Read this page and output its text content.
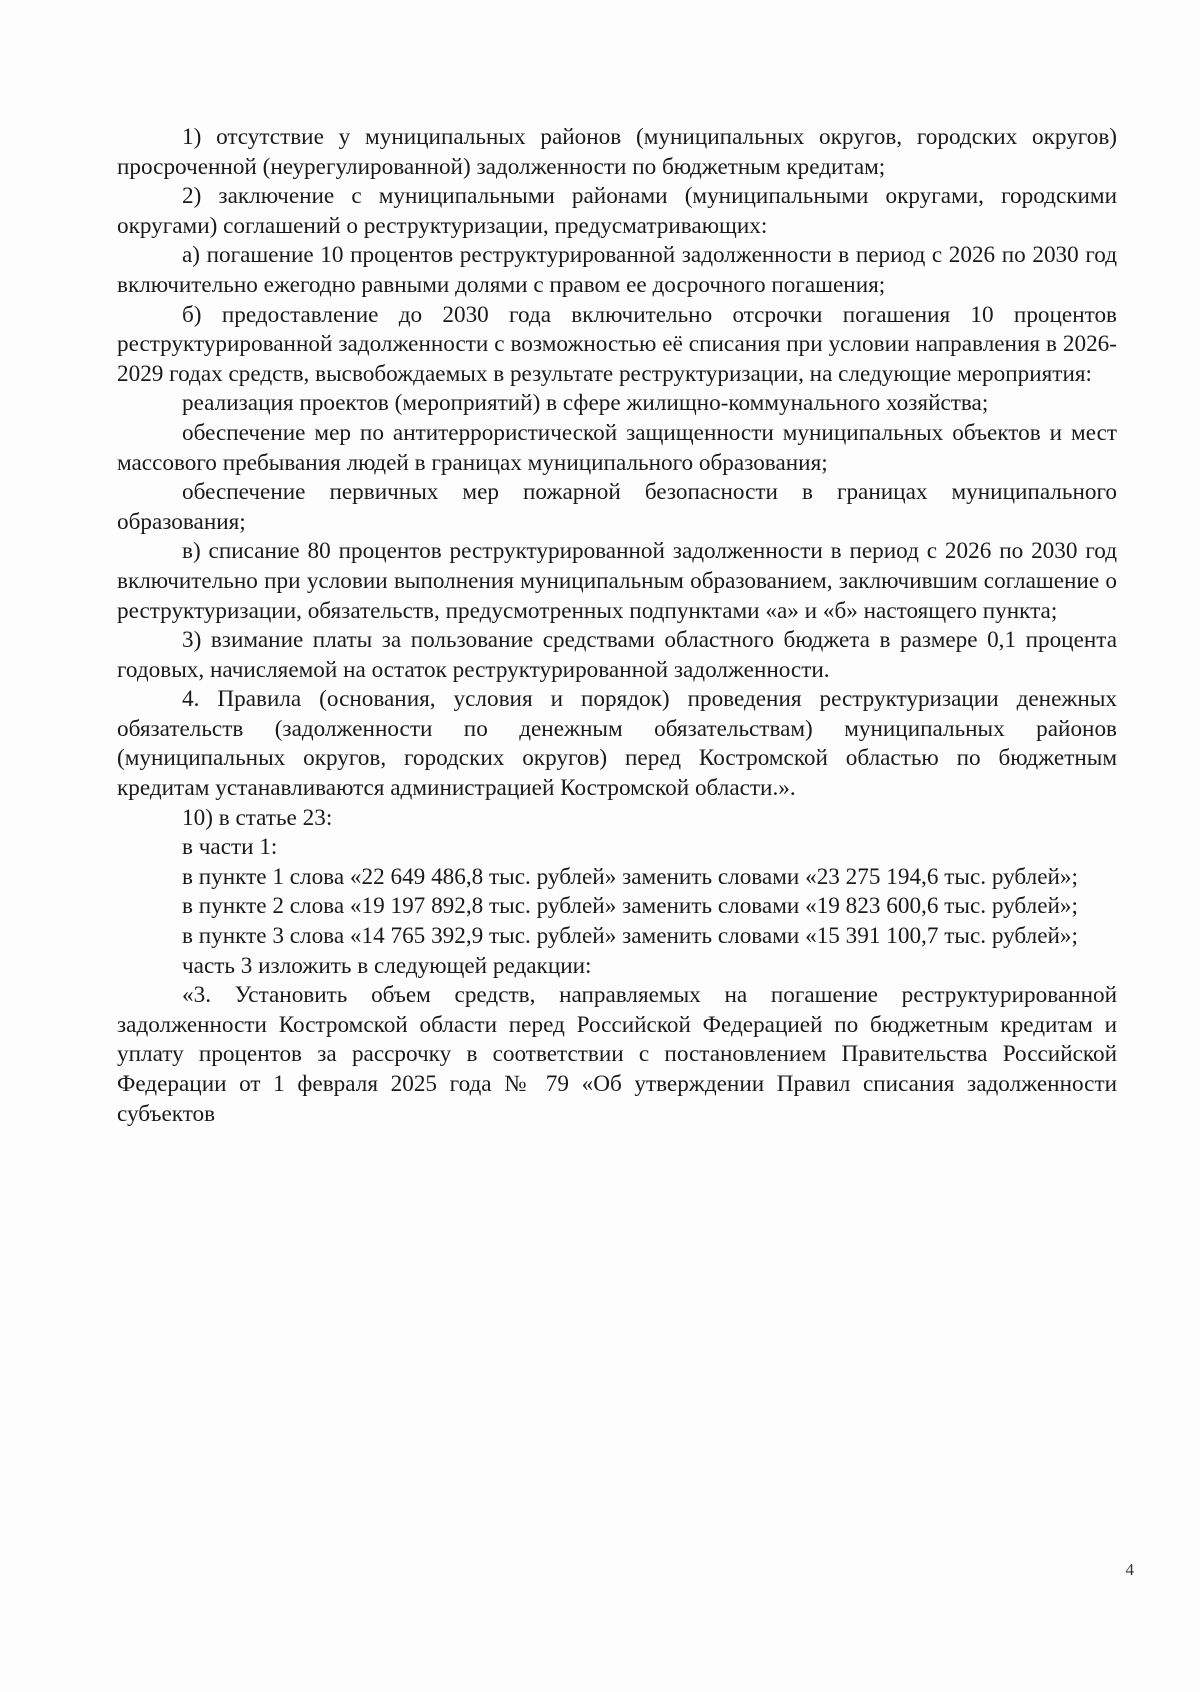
1) отсутствие у муниципальных районов (муниципальных округов, городских округов) просроченной (неурегулированной) задолженности по бюджетным кредитам;

2) заключение с муниципальными районами (муниципальными округами, городскими округами) соглашений о реструктуризации, предусматривающих:

а) погашение 10 процентов реструктурированной задолженности в период с 2026 по 2030 год включительно ежегодно равными долями с правом ее досрочного погашения;

б) предоставление до 2030 года включительно отсрочки погашения 10 процентов реструктурированной задолженности с возможностью её списания при условии направления в 2026-2029 годах средств, высвобождаемых в результате реструктуризации, на следующие мероприятия:

реализация проектов (мероприятий) в сфере жилищно-коммунального хозяйства;

обеспечение мер по антитеррористической защищенности муниципальных объектов и мест массового пребывания людей в границах муниципального образования;

обеспечение первичных мер пожарной безопасности в границах муниципального образования;

в) списание 80 процентов реструктурированной задолженности в период с 2026 по 2030 год включительно при условии выполнения муниципальным образованием, заключившим соглашение о реструктуризации, обязательств, предусмотренных подпунктами «а» и «б» настоящего пункта;

3) взимание платы за пользование средствами областного бюджета в размере 0,1 процента годовых, начисляемой на остаток реструктурированной задолженности.

4. Правила (основания, условия и порядок) проведения реструктуризации денежных обязательств (задолженности по денежным обязательствам) муниципальных районов (муниципальных округов, городских округов) перед Костромской областью по бюджетным кредитам устанавливаются администрацией Костромской области.».

10) в статье 23:

в части 1:

в пункте 1 слова «22 649 486,8 тыс. рублей» заменить словами «23 275 194,6 тыс. рублей»;

в пункте 2 слова «19 197 892,8 тыс. рублей» заменить словами «19 823 600,6 тыс. рублей»;

в пункте 3 слова «14 765 392,9 тыс. рублей» заменить словами «15 391 100,7 тыс. рублей»;

часть 3 изложить в следующей редакции:

«3. Установить объем средств, направляемых на погашение реструктурированной задолженности Костромской области перед Российской Федерацией по бюджетным кредитам и уплату процентов за рассрочку в соответствии с постановлением Правительства Российской Федерации от 1 февраля 2025 года № 79 «Об утверждении Правил списания задолженности субъектов

4
